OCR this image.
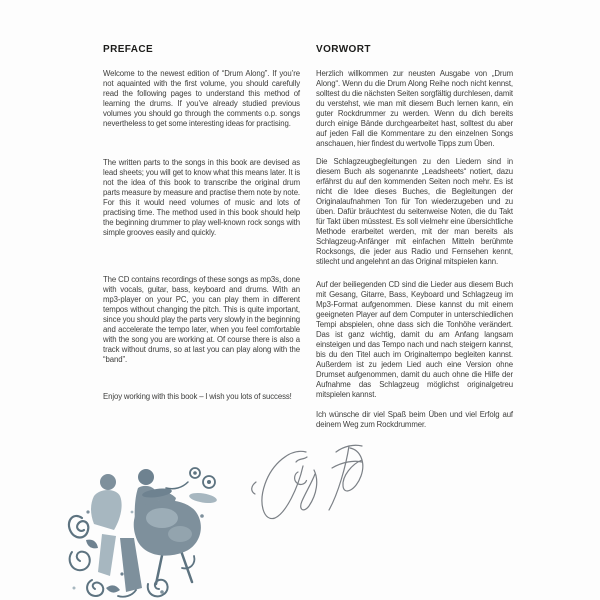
PREFACE

Welcome to the newest edition of “Drum Along”. If you’re not aquainted with the first volume, you should carefully read the following pages to understand this method of learning the drums. If you’ve already studied previous volumes you should go through the comments o.p. songs nevertheless to get some interesting ideas for practising.

The written parts to the songs in this book are devised as lead sheets; you will get to know what this means later. It is not the idea of this book to transcribe the original drum parts measure by measure and practise them note by note. For this it would need volumes of music and lots of practising time. The method used in this book should help the beginning drummer to play well-known rock songs with simple grooves easily and quickly.

The CD contains recordings of these songs as mp3s, done with vocals, guitar, bass, keyboard and drums. With an mp3-player on your PC, you can play them in different tempos without changing the pitch. This is quite important, since you should play the parts very slowly in the beginning and accelerate the tempo later, when you feel comfortable with the song you are working at. Of course there is also a track without drums, so at last you can play along with the “band”.

Enjoy working with this book – I wish you lots of success!

VORWORT

Herzlich willkommen zur neusten Ausgabe von „Drum Along“. Wenn du die Drum Along Reihe noch nicht kennst, solltest du die nächsten Seiten sorgfältig durchlesen, damit du verstehst, wie man mit diesem Buch lernen kann, ein guter Rockdrummer zu werden. Wenn du dich bereits durch einige Bände durchgearbeitet hast, solltest du aber auf jeden Fall die Kommentare zu den einzelnen Songs anschauen, hier findest du wertvolle Tipps zum Üben.

Die Schlagzeugbegleitungen zu den Liedern sind in diesem Buch als sogenannte „Leadsheets“ notiert, dazu erfährst du auf den kommenden Seiten noch mehr. Es ist nicht die Idee dieses Buches, die Begleitungen der Originalaufnahmen Ton für Ton wiederzugeben und zu üben. Dafür bräuchtest du seitenweise Noten, die du Takt für Takt üben müsstest. Es soll vielmehr eine übersichtliche Methode erarbeitet werden, mit der man bereits als Schlagzeug-Anfänger mit einfachen Mitteln berühmte Rocksongs, die jeder aus Radio und Fernsehen kennt, stilecht und angelehnt an das Original mitspielen kann.

Auf der beiliegenden CD sind die Lieder aus diesem Buch mit Gesang, Gitarre, Bass, Keyboard und Schlagzeug im Mp3-Format aufgenommen. Diese kannst du mit einem geeigneten Player auf dem Computer in unterschiedlichen Tempi abspielen, ohne dass sich die Tonhöhe verändert. Das ist ganz wichtig, damit du am Anfang langsam einsteigen und das Tempo nach und nach steigern kannst, bis du den Titel auch im Originaltempo begleiten kannst. Außerdem ist zu jedem Lied auch eine Version ohne Drumset aufgenommen, damit du auch ohne die Hilfe der Aufnahme das Schlagzeug möglichst originalgetreu mitspielen kannst.

Ich wünsche dir viel Spaß beim Üben und viel Erfolg auf deinem Weg zum Rockdrummer.
